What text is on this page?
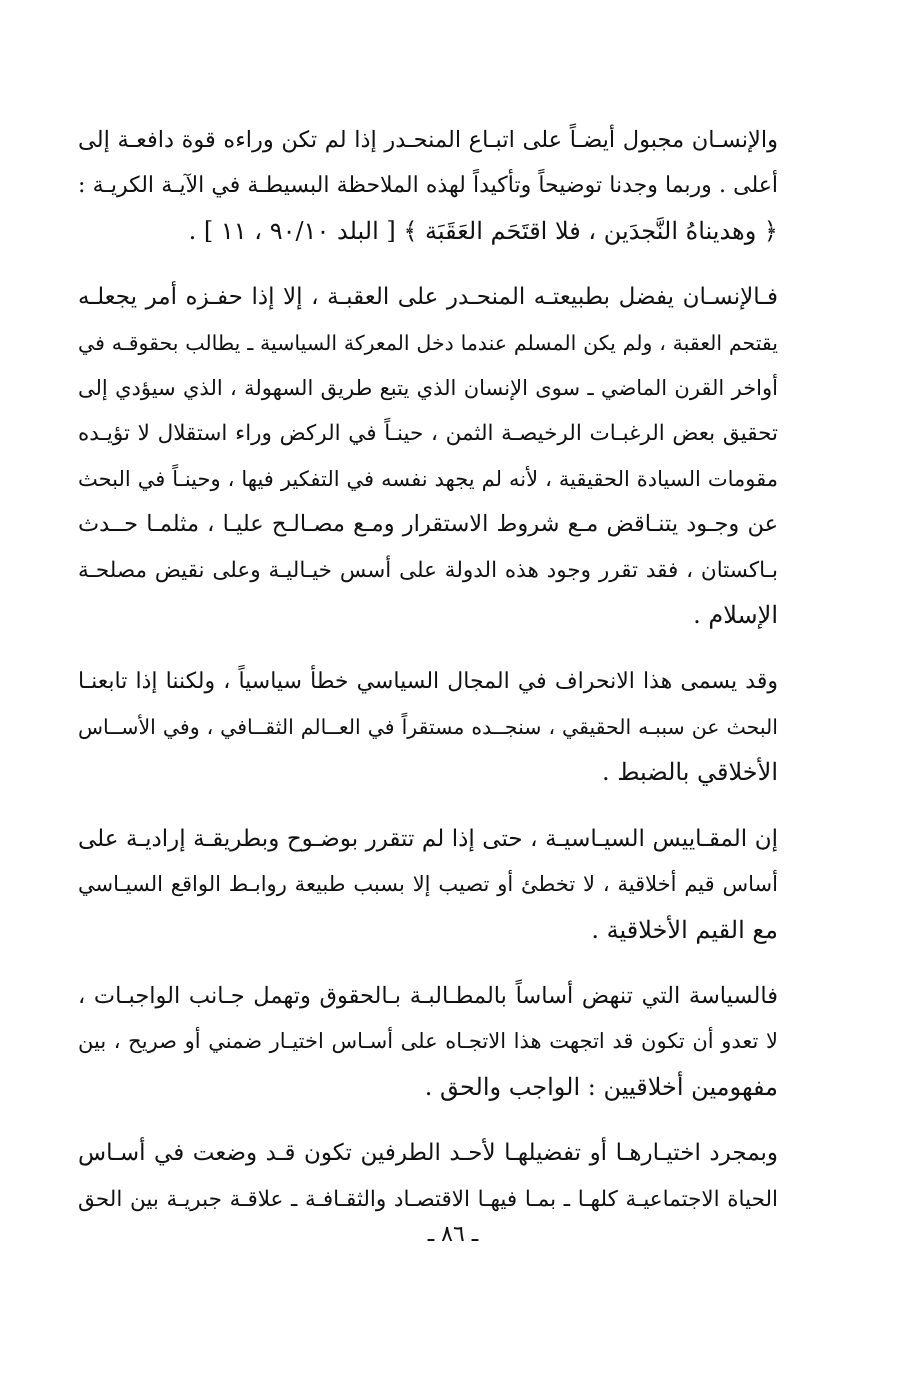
والإنسـان مجبول أيضـاً على اتبـاع المنحـدر إذا لم تكن وراءه قوة دافعـة إلى
أعلى . وربما وجدنا توضيحاً وتأكيداً لهذه الملاحظة البسيطـة في الآيـة الكريـة :
﴿ وهديناهُ النَّجدَين ، فلا اقتَحَم العَقَبَة ﴾ [ البلد ٩٠/١٠ ، ١١ ] .

فـالإنسـان يفضل بطبيعتـه المنحـدر على العقبـة ، إلا إذا حفـزه أمر يجعلـه
يقتحم العقبة ، ولم يكن المسلم عندما دخل المعركة السياسية ـ يطالب بحقوقـه في
أواخر القرن الماضي ـ سوى الإنسان الذي يتبع طريق السهولة ، الذي سيؤدي إلى
تحقيق بعض الرغبـات الرخيصـة الثمن ، حينـاً في الركض وراء استقلال لا تؤيـده
مقومات السيادة الحقيقية ، لأنه لم يجهد نفسه في التفكير فيها ، وحينـاً في البحث
عن وجـود يتنـاقض مـع شروط الاستقرار ومـع مصـالـح عليـا ، مثلمـا حــدث
بـاكستان ، فقد تقرر وجود هذه الدولة على أسس خيـاليـة وعلى نقيض مصلحـة
الإسلام .

وقد يسمى هذا الانحراف في المجال السياسي خطأ سياسياً ، ولكننا إذا تابعنـا
البحث عن سببـه الحقيقي ، سنجــده مستقراً في العــالم الثقــافي ، وفي الأســاس
الأخلاقي بالضبط .

إن المقـاييس السيـاسيـة ، حتى إذا لم تتقرر بوضـوح وبطريقـة إراديـة على
أساس قيم أخلاقية ، لا تخطئ أو تصيب إلا بسبب طبيعة روابـط الواقع السيـاسي
مع القيم الأخلاقية .

فالسياسة التي تنهض أساساً بالمطـالبـة بـالحقوق وتهمل جـانب الواجبـات ،
لا تعدو أن تكون قد اتجهت هذا الاتجـاه على أسـاس اختيـار ضمني أو صريح ، بين
مفهومين أخلاقيين : الواجب والحق .

وبمجرد اختيـارهـا أو تفضيلهـا لأحـد الطرفين تكون قـد وضعت في أسـاس
الحياة الاجتماعيـة كلهـا ـ بمـا فيهـا الاقتصـاد والثقـافـة ـ علاقـة جبريـة بين الحق

ـ ٨٦ ـ
